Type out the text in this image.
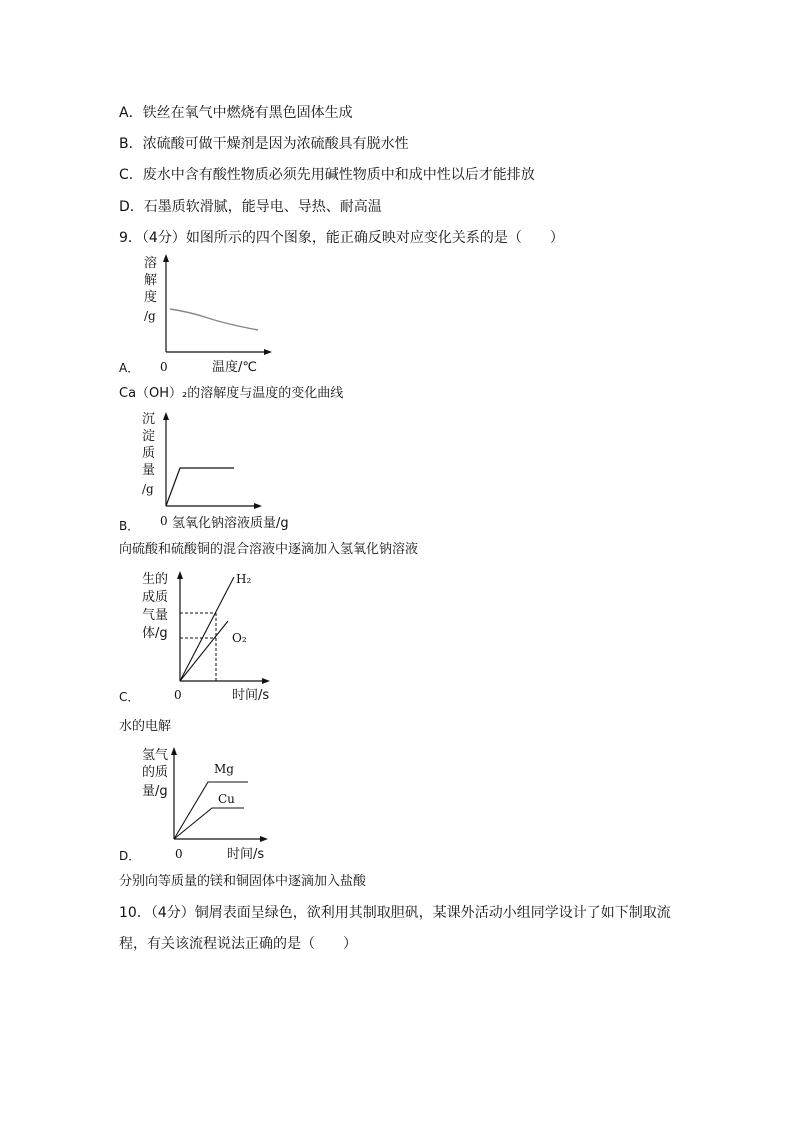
A．铁丝在氧气中燃烧有黑色固体生成
B．浓硫酸可做干燥剂是因为浓硫酸具有脱水性
C．废水中含有酸性物质必须先用碱性物质中和成中性以后才能排放
D．石墨质软滑腻，能导电、导热、耐高温
9．（4分）如图所示的四个图象，能正确反映对应变化关系的是（　　）
溶
解
度
/g
0	温度/℃
A．
Ca（OH）₂的溶解度与温度的变化曲线
沉
淀
质
量
/g
0 氢氧化钠溶液质量/g
B．
向硫酸和硫酸铜的混合溶液中逐滴加入氢氧化钠溶液
生的
成质
气量
体/g
H₂
O₂
0	时间/s
C．
水的电解
氢气
的质
量/g
Mg
Cu
0	时间/s
D．
分别向等质量的镁和铜固体中逐滴加入盐酸
10．（4分）铜屑表面呈绿色，欲利用其制取胆矾，某课外活动小组同学设计了如下制取流
程，有关该流程说法正确的是（　　）
